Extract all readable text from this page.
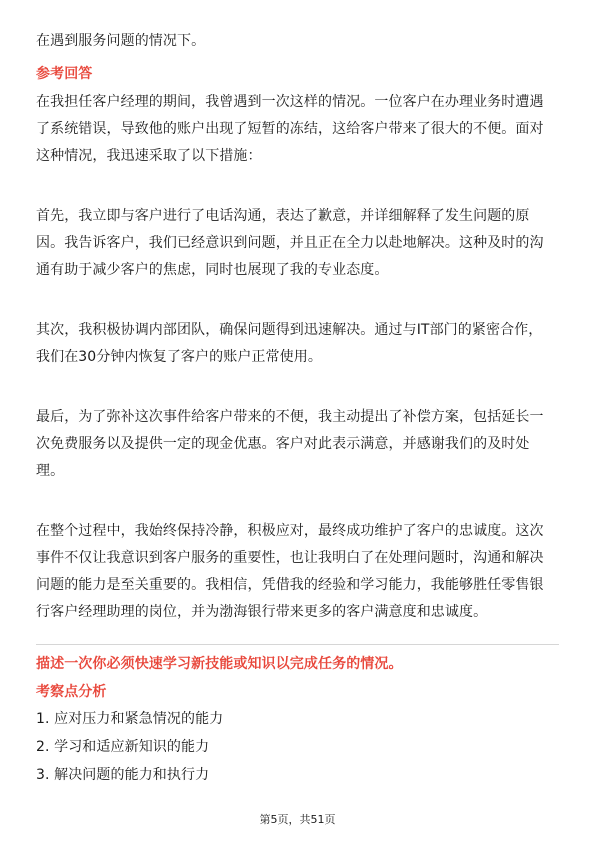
在遇到服务问题的情况下。
参考回答
在我担任客户经理的期间，我曾遇到一次这样的情况。一位客户在办理业务时遭遇
了系统错误，导致他的账户出现了短暂的冻结，这给客户带来了很大的不便。面对
这种情况，我迅速采取了以下措施：
首先，我立即与客户进行了电话沟通，表达了歉意，并详细解释了发生问题的原
因。我告诉客户，我们已经意识到问题，并且正在全力以赴地解决。这种及时的沟
通有助于减少客户的焦虑，同时也展现了我的专业态度。
其次，我积极协调内部团队，确保问题得到迅速解决。通过与IT部门的紧密合作，
我们在30分钟内恢复了客户的账户正常使用。
最后，为了弥补这次事件给客户带来的不便，我主动提出了补偿方案，包括延长一
次免费服务以及提供一定的现金优惠。客户对此表示满意，并感谢我们的及时处
理。
在整个过程中，我始终保持冷静，积极应对，最终成功维护了客户的忠诚度。这次
事件不仅让我意识到客户服务的重要性，也让我明白了在处理问题时，沟通和解决
问题的能力是至关重要的。我相信，凭借我的经验和学习能力，我能够胜任零售银
行客户经理助理的岗位，并为渤海银行带来更多的客户满意度和忠诚度。
描述一次你必须快速学习新技能或知识以完成任务的情况。
考察点分析
1. 应对压力和紧急情况的能力
2. 学习和适应新知识的能力
3. 解决问题的能力和执行力
第5页，共51页
